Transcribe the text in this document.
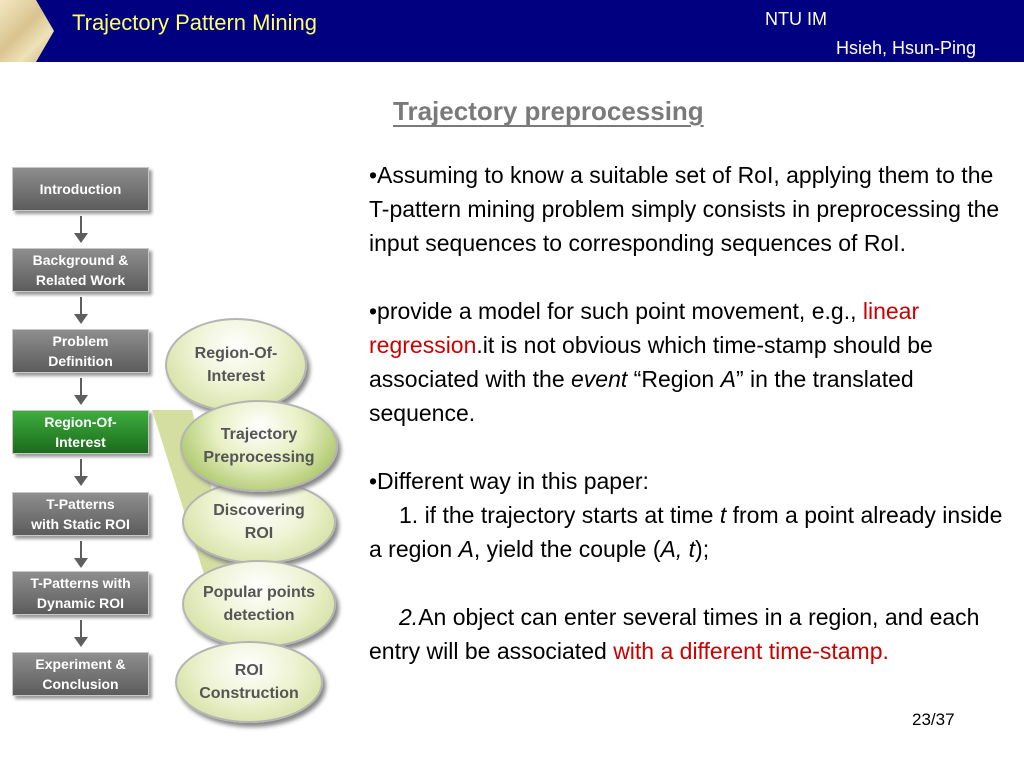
Trajectory Pattern Mining	NTU IM
Hsieh, Hsun-Ping
Trajectory preprocessing
Introduction
Background &
Related Work
Problem
Definition
Region-Of-
Interest
T-Patterns
with Static ROI
T-Patterns with
Dynamic ROI
Experiment &
Conclusion
Region-Of-
Interest
Discovering
ROI
Popular points
detection
ROI
Construction
Trajectory
Preprocessing

•Assuming to know a suitable set of RoI, applying them to the T-pattern mining problem simply consists in preprocessing the input sequences to corresponding sequences of RoI.

•provide a model for such point movement, e.g., linear regression.it is not obvious which time-stamp should be associated with the event “Region A” in the translated sequence.

•Different way in this paper:

1. if the trajectory starts at time t from a point already inside a region A, yield the couple (A, t);

2.An object can enter several times in a region, and each entry will be associated with a different time-stamp.

23/37
